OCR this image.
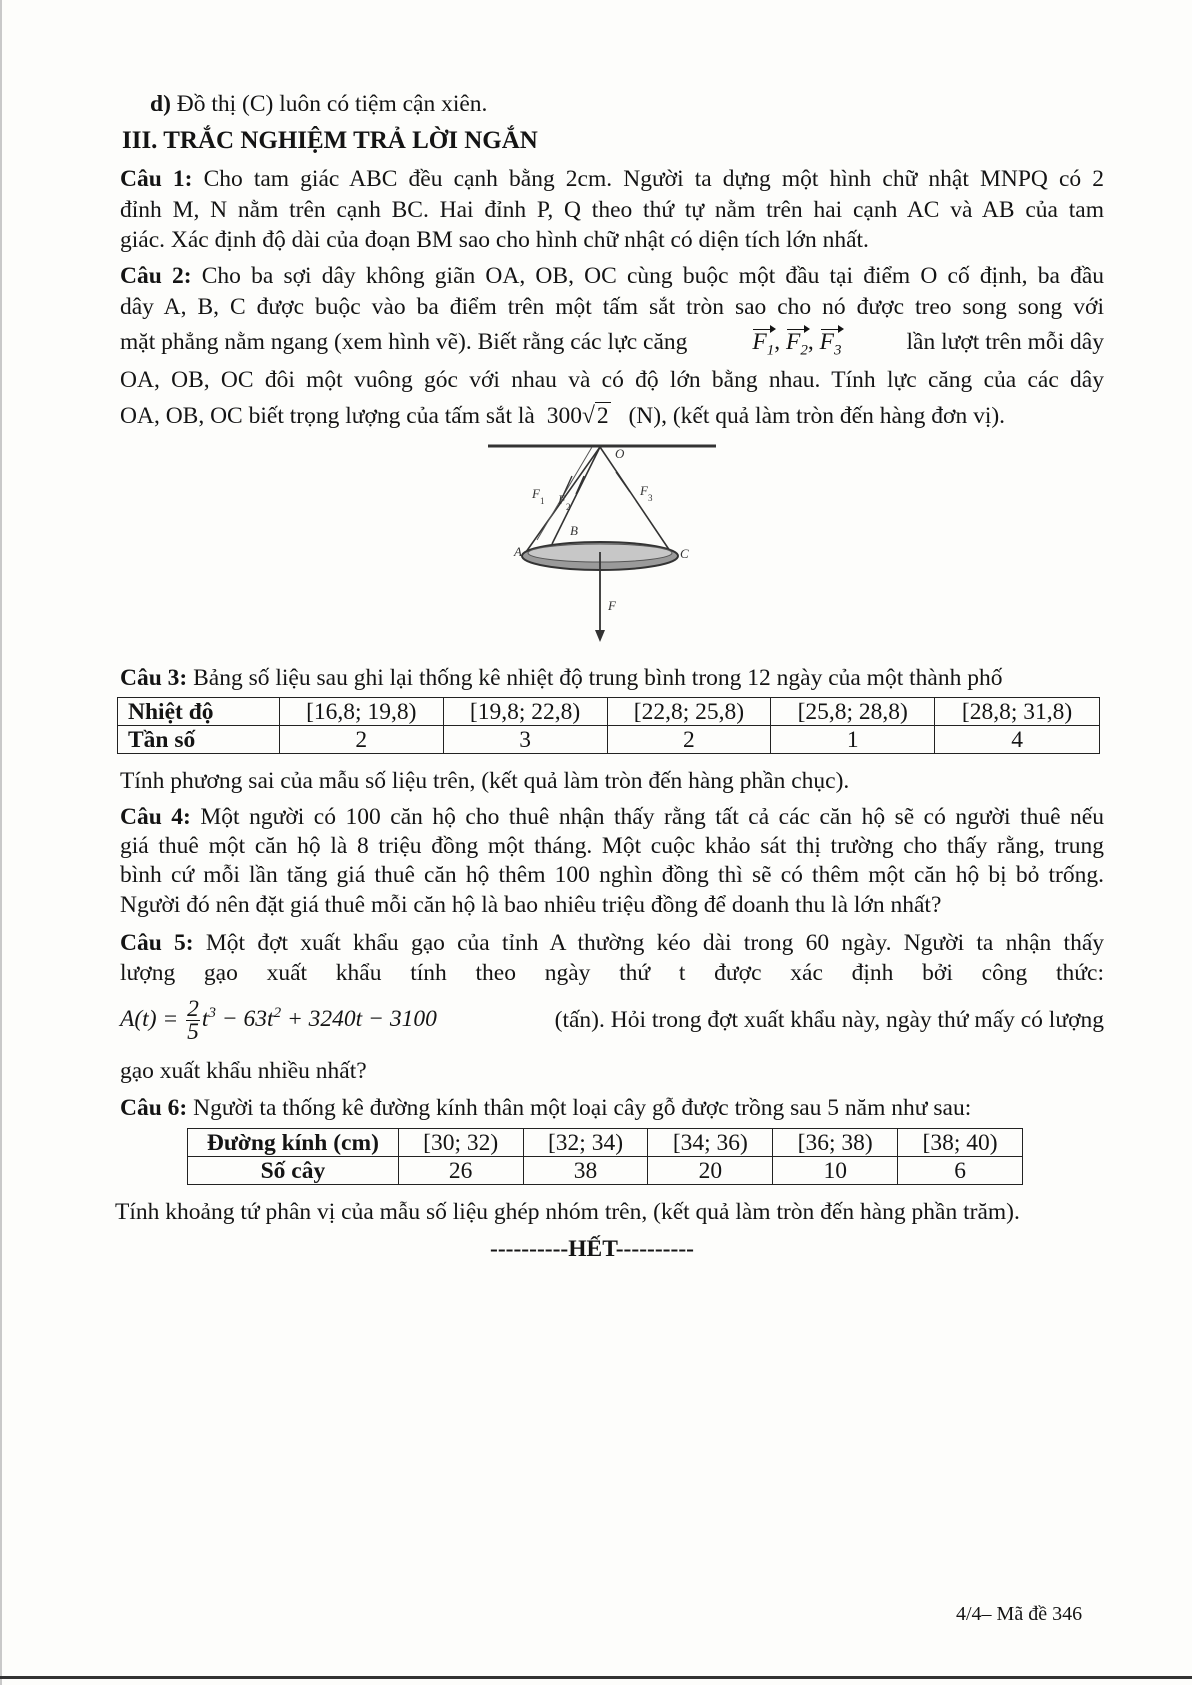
d) Đồ thị (C) luôn có tiệm cận xiên.
III. TRẮC NGHIỆM TRẢ LỜI NGẮN
Câu 1: Cho tam giác ABC đều cạnh bằng 2cm. Người ta dựng một hình chữ nhật MNPQ có 2
đỉnh M, N nằm trên cạnh BC. Hai đỉnh P, Q theo thứ tự nằm trên hai cạnh AC và AB của tam
giác. Xác định độ dài của đoạn BM sao cho hình chữ nhật có diện tích lớn nhất.
Câu 2: Cho ba sợi dây không giãn OA, OB, OC cùng buộc một đầu tại điểm O cố định, ba đầu
dây A, B, C được buộc vào ba điểm trên một tấm sắt tròn sao cho nó được treo song song với
mặt phẳng nằm ngang (xem hình vẽ). Biết rằng các lực căng	$F_1$, $F_2$, $F_3$	lần lượt trên mỗi dây
OA, OB, OC đôi một vuông góc với nhau và có độ lớn bằng nhau. Tính lực căng của các dây
OA, OB, OC biết trọng lượng của tấm sắt là 300√2 (N), (kết quả làm tròn đến hàng đơn vị).
O
F 1 F 2
F 3
B
A	C
F
Câu 3: Bảng số liệu sau ghi lại thống kê nhiệt độ trung bình trong 12 ngày của một thành phố
Nhiệt độ	[16,8; 19,8)	[19,8; 22,8)	[22,8; 25,8)	[25,8; 28,8)	[28,8; 31,8)
Tần số	2	3	2	1	4
Tính phương sai của mẫu số liệu trên, (kết quả làm tròn đến hàng phần chục).
Câu 4: Một người có 100 căn hộ cho thuê nhận thấy rằng tất cả các căn hộ sẽ có người thuê nếu
giá thuê một căn hộ là 8 triệu đồng một tháng. Một cuộc khảo sát thị trường cho thấy rằng, trung
bình cứ mỗi lần tăng giá thuê căn hộ thêm 100 nghìn đồng thì sẽ có thêm một căn hộ bị bỏ trống.
Người đó nên đặt giá thuê mỗi căn hộ là bao nhiêu triệu đồng để doanh thu là lớn nhất?
Câu 5: Một đợt xuất khẩu gạo của tỉnh A thường kéo dài trong 60 ngày. Người ta nhận thấy
lượng gạo xuất khẩu tính theo ngày thứ t được xác định bởi công thức:
$A(t) = \frac{2}{5} t^3 - 63t^2 + 3240t - 3100$	(tấn). Hỏi trong đợt xuất khẩu này, ngày thứ mấy có lượng
gạo xuất khẩu nhiều nhất?
Câu 6: Người ta thống kê đường kính thân một loại cây gỗ được trồng sau 5 năm như sau:
Đường kính (cm)	[30; 32)	[32; 34)	[34; 36)	[36; 38)	[38; 40)
Số cây	26	38	20	10	6
Tính khoảng tứ phân vị của mẫu số liệu ghép nhóm trên, (kết quả làm tròn đến hàng phần trăm).
----------HẾT----------
4/4– Mã đề 346
